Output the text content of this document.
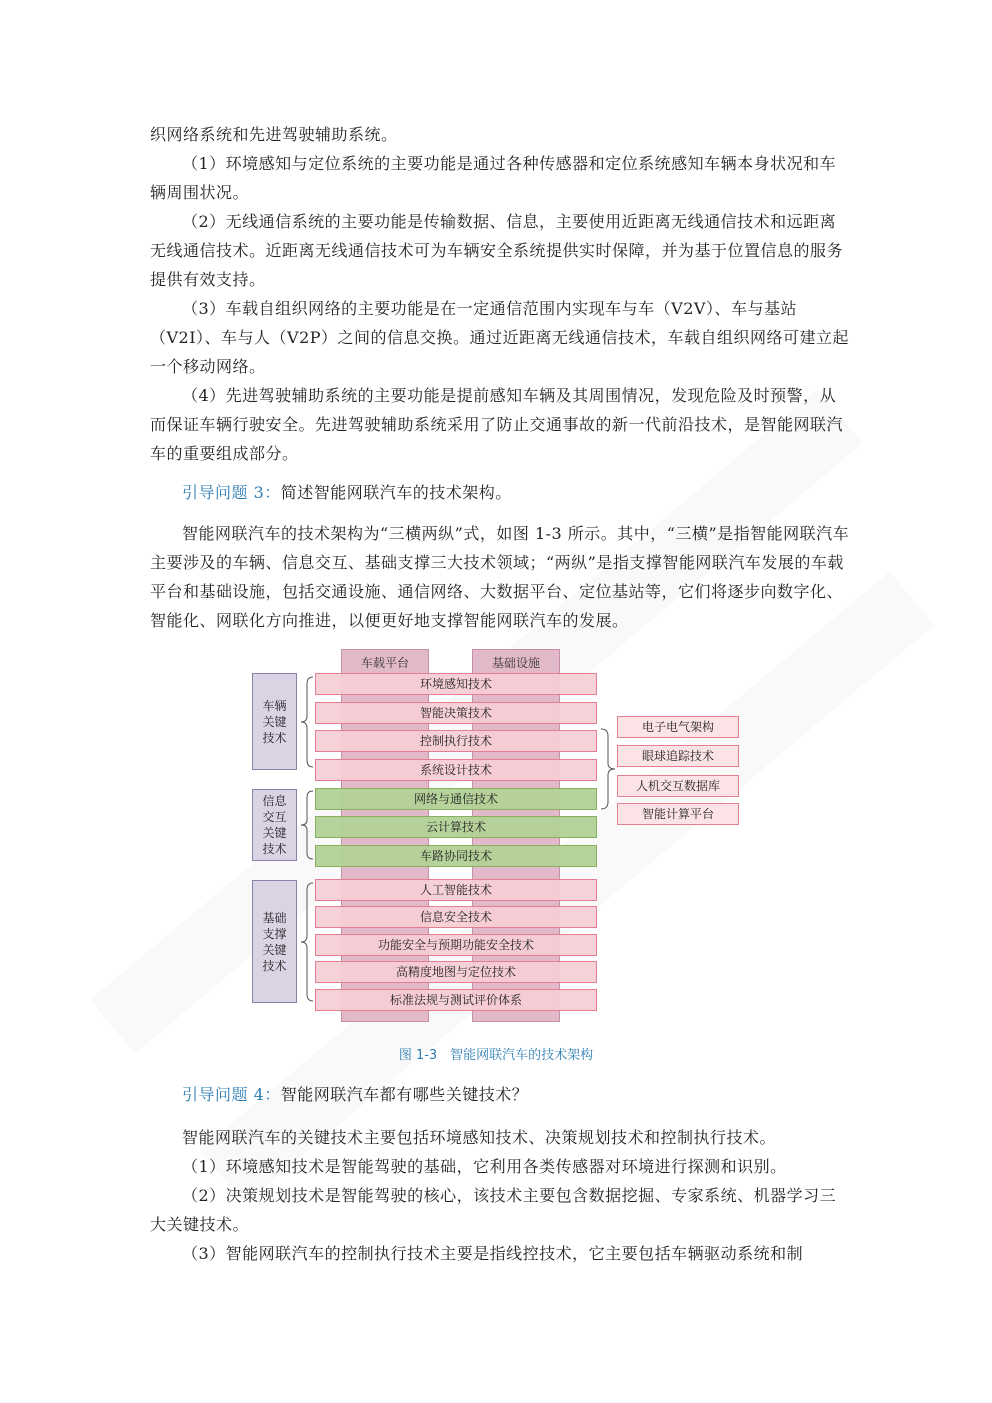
织网络系统和先进驾驶辅助系统。

（1）环境感知与定位系统的主要功能是通过各种传感器和定位系统感知车辆本身状况和车辆周围状况。

（2）无线通信系统的主要功能是传输数据、信息，主要使用近距离无线通信技术和远距离无线通信技术。近距离无线通信技术可为车辆安全系统提供实时保障，并为基于位置信息的服务提供有效支持。

（3）车载自组织网络的主要功能是在一定通信范围内实现车与车（V2V）、车与基站（V2I）、车与人（V2P）之间的信息交换。通过近距离无线通信技术，车载自组织网络可建立起一个移动网络。

（4）先进驾驶辅助系统的主要功能是提前感知车辆及其周围情况，发现危险及时预警，从而保证车辆行驶安全。先进驾驶辅助系统采用了防止交通事故的新一代前沿技术，是智能网联汽车的重要组成部分。

引导问题 3：简述智能网联汽车的技术架构。

智能网联汽车的技术架构为“三横两纵”式，如图 1-3 所示。其中，“三横”是指智能网联汽车主要涉及的车辆、信息交互、基础支撑三大技术领域；“两纵”是指支撑智能网联汽车发展的车载平台和基础设施，包括交通设施、通信网络、大数据平台、定位基站等，它们将逐步向数字化、智能化、网联化方向推进，以便更好地支撑智能网联汽车的发展。

车载平台	基础设施
车辆关键技术
信息交互关键技术
基础支撑关键技术
环境感知技术
智能决策技术
控制执行技术
系统设计技术
网络与通信技术
云计算技术
车路协同技术
人工智能技术
信息安全技术
功能安全与预期功能安全技术
高精度地图与定位技术
标准法规与测试评价体系
电子电气架构
眼球追踪技术
人机交互数据库
智能计算平台
图 1-3　智能网联汽车的技术架构

引导问题 4：智能网联汽车都有哪些关键技术？

智能网联汽车的关键技术主要包括环境感知技术、决策规划技术和控制执行技术。

（1）环境感知技术是智能驾驶的基础，它利用各类传感器对环境进行探测和识别。

（2）决策规划技术是智能驾驶的核心，该技术主要包含数据挖掘、专家系统、机器学习三大关键技术。

（3）智能网联汽车的控制执行技术主要是指线控技术，它主要包括车辆驱动系统和制
